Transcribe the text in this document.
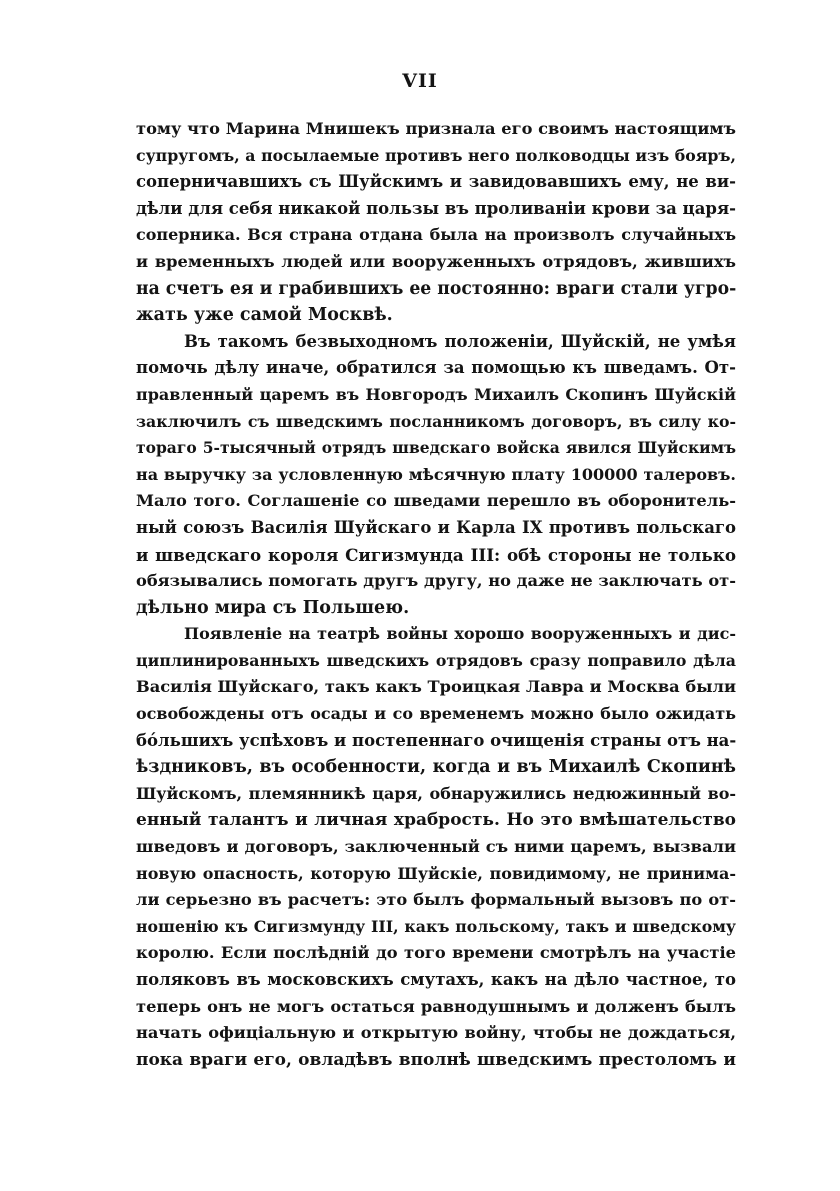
VII
тому что Марина Мнишекъ признала его своимъ настоящимъ
супругомъ, а посылаемые противъ него полководцы изъ бояръ,
соперничавшихъ съ Шуйскимъ и завидовавшихъ ему, не ви-
дѣли для себя никакой пользы въ проливанiи крови за царя-
соперника. Вся страна отдана была на произволъ случайныхъ
и временныхъ людей или вооруженныхъ отрядовъ, жившихъ
на счетъ ея и грабившихъ ее постоянно: враги стали угро-
жать уже самой Москвѣ.
Въ такомъ безвыходномъ положенiи, Шуйскiй, не умѣя
помочь дѣлу иначе, обратился за помощью къ шведамъ. От-
правленный царемъ въ Новгородъ Михаилъ Скопинъ Шуйскiй
заключилъ съ шведскимъ посланникомъ договоръ, въ силу ко-
тораго 5-тысячный отрядъ шведскаго войска явился Шуйскимъ
на выручку за условленную мѣсячную плату 100000 талеровъ.
Мало того. Соглашенiе со шведами перешло въ оборонитель-
ный союзъ Василiя Шуйскаго и Карла IX противъ польскаго
и шведскаго короля Сигизмунда III: обѣ стороны не только
обязывались помогать другъ другу, но даже не заключать от-
дѣльно мира съ Польшею.
Появленiе на театрѣ войны хорошо вооруженныхъ и дис-
циплинированныхъ шведскихъ отрядовъ сразу поправило дѣла
Василiя Шуйскаго, такъ какъ Троицкая Лавра и Москва были
освобождены отъ осады и со временемъ можно было ожидать
бóльшихъ успѣховъ и постепеннаго очищенiя страны отъ на-
ѣздниковъ, въ особенности, когда и въ Михаилѣ Скопинѣ
Шуйскомъ, племянникѣ царя, обнаружились недюжинный во-
енный талантъ и личная храбрость. Но это вмѣшательство
шведовъ и договоръ, заключенный съ ними царемъ, вызвали
новую опасность, которую Шуйскiе, повидимому, не принима-
ли серьезно въ расчетъ: это былъ формальный вызовъ по от-
ношенiю къ Сигизмунду III, какъ польскому, такъ и шведскому
королю. Если послѣднiй до того времени смотрѣлъ на участiе
поляковъ въ московскихъ смутахъ, какъ на дѣло частное, то
теперь онъ не могъ остаться равнодушнымъ и долженъ былъ
начать офицiальную и открытую войну, чтобы не дождаться,
пока враги его, овладѣвъ вполнѣ шведскимъ престоломъ и
